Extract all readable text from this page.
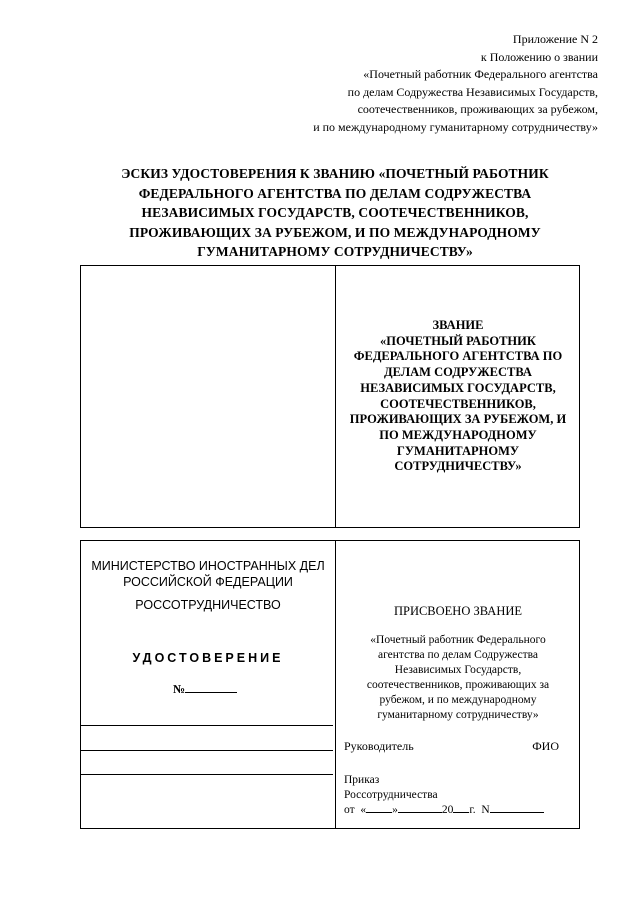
Приложение N 2
к Положению о звании
«Почетный работник Федерального агентства
по делам Содружества Независимых Государств,
соотечественников, проживающих за рубежом,
и по международному гуманитарному сотрудничеству»
ЭСКИЗ УДОСТОВЕРЕНИЯ К ЗВАНИЮ «ПОЧЕТНЫЙ РАБОТНИК
ФЕДЕРАЛЬНОГО АГЕНТСТВА ПО ДЕЛАМ СОДРУЖЕСТВА
НЕЗАВИСИМЫХ ГОСУДАРСТВ, СООТЕЧЕСТВЕННИКОВ,
ПРОЖИВАЮЩИХ ЗА РУБЕЖОМ, И ПО МЕЖДУНАРОДНОМУ
ГУМАНИТАРНОМУ СОТРУДНИЧЕСТВУ»
ЗВАНИЕ
«ПОЧЕТНЫЙ РАБОТНИК
ФЕДЕРАЛЬНОГО АГЕНТСТВА ПО
ДЕЛАМ СОДРУЖЕСТВА
НЕЗАВИСИМЫХ ГОСУДАРСТВ,
СООТЕЧЕСТВЕННИКОВ,
ПРОЖИВАЮЩИХ ЗА РУБЕЖОМ, И
ПО МЕЖДУНАРОДНОМУ
ГУМАНИТАРНОМУ
СОТРУДНИЧЕСТВУ»
МИНИСТЕРСТВО ИНОСТРАННЫХ ДЕЛ
РОССИЙСКОЙ ФЕДЕРАЦИИ
РОССОТРУДНИЧЕСТВО
УДОСТОВЕРЕНИЕ
№
ПРИСВОЕНО ЗВАНИЕ
«Почетный работник Федерального
агентства по делам Содружества
Независимых Государств,
соотечественников, проживающих за
рубежом, и по международному
гуманитарному сотрудничеству»
Руководитель	ФИО
Приказ
Россотрудничества
от « »	20 г. N
